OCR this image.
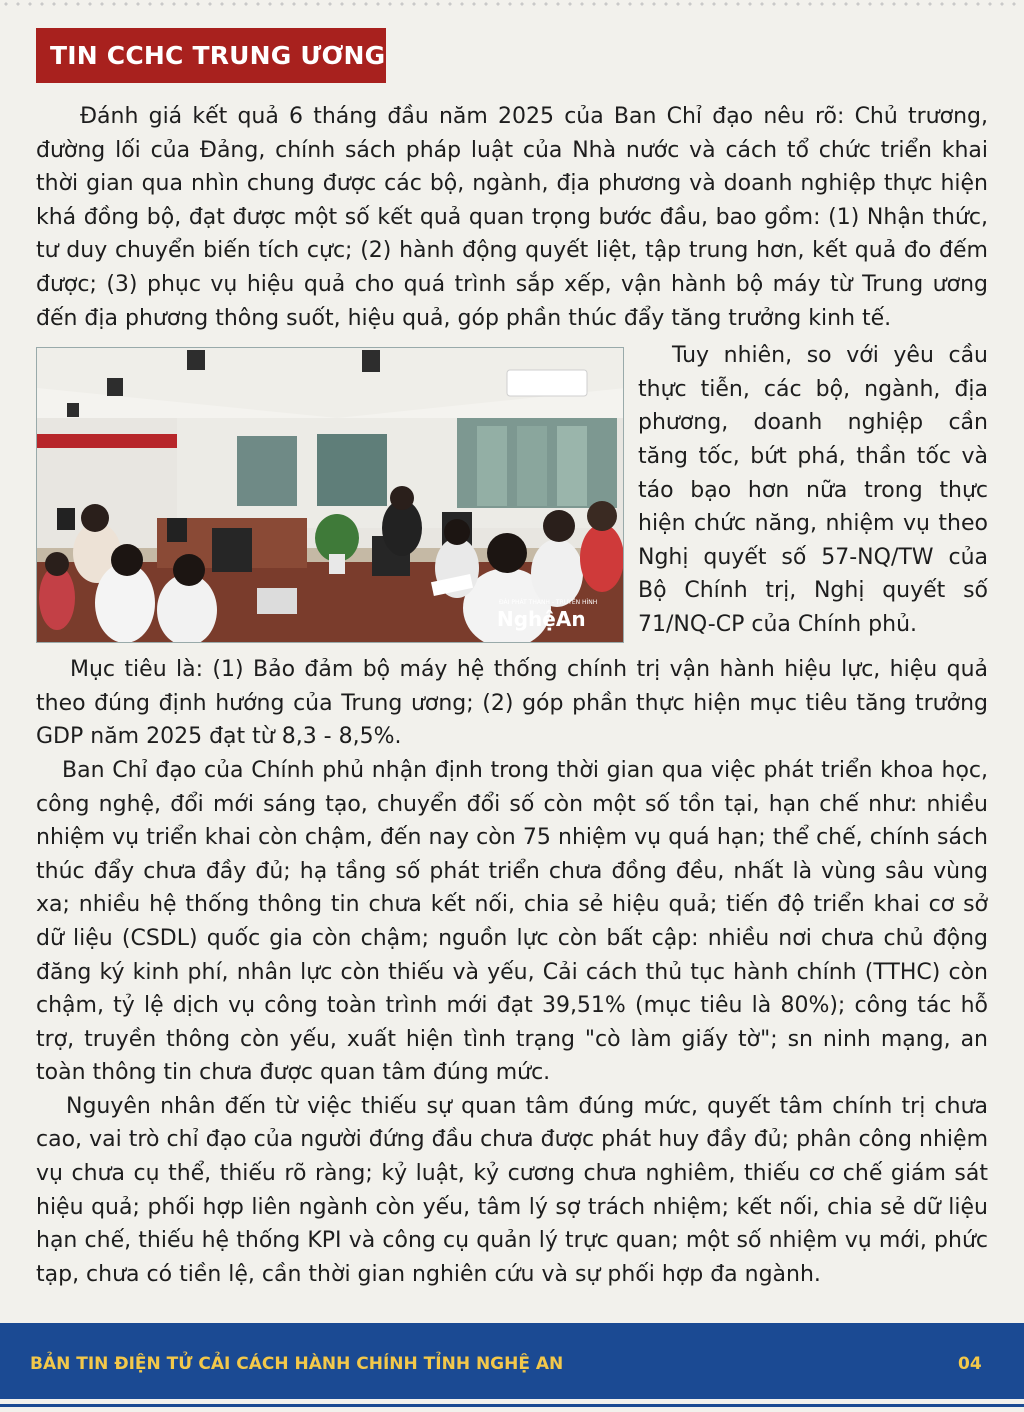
TIN CCHC TRUNG ƯƠNG

Đánh giá kết quả 6 tháng đầu năm 2025 của Ban Chỉ đạo nêu rõ: Chủ trương, đường lối của Đảng, chính sách pháp luật của Nhà nước và cách tổ chức triển khai thời gian qua nhìn chung được các bộ, ngành, địa phương và doanh nghiệp thực hiện khá đồng bộ, đạt được một số kết quả quan trọng bước đầu, bao gồm: (1) Nhận thức, tư duy chuyển biến tích cực; (2) hành động quyết liệt, tập trung hơn, kết quả đo đếm được; (3) phục vụ hiệu quả cho quá trình sắp xếp, vận hành bộ máy từ Trung ương đến địa phương thông suốt, hiệu quả, góp phần thúc đẩy tăng trưởng kinh tế.

ĐÀI PHÁT THANH - TRUYỀN HÌNH
NghệAn

Tuy nhiên, so với yêu cầu thực tiễn, các bộ, ngành, địa phương, doanh nghiệp cần tăng tốc, bứt phá, thần tốc và táo bạo hơn nữa trong thực hiện chức năng, nhiệm vụ theo Nghị quyết số 57-NQ/TW của Bộ Chính trị, Nghị quyết số 71/NQ-CP của Chính phủ.

Mục tiêu là: (1) Bảo đảm bộ máy hệ thống chính trị vận hành hiệu lực, hiệu quả theo đúng định hướng của Trung ương; (2) góp phần thực hiện mục tiêu tăng trưởng GDP năm 2025 đạt từ 8,3 - 8,5%.

Ban Chỉ đạo của Chính phủ nhận định trong thời gian qua việc phát triển khoa học, công nghệ, đổi mới sáng tạo, chuyển đổi số còn một số tồn tại, hạn chế như: nhiều nhiệm vụ triển khai còn chậm, đến nay còn 75 nhiệm vụ quá hạn; thể chế, chính sách thúc đẩy chưa đầy đủ; hạ tầng số phát triển chưa đồng đều, nhất là vùng sâu vùng xa; nhiều hệ thống thông tin chưa kết nối, chia sẻ hiệu quả; tiến độ triển khai cơ sở dữ liệu (CSDL) quốc gia còn chậm; nguồn lực còn bất cập: nhiều nơi chưa chủ động đăng ký kinh phí, nhân lực còn thiếu và yếu, Cải cách thủ tục hành chính (TTHC) còn chậm, tỷ lệ dịch vụ công toàn trình mới đạt 39,51% (mục tiêu là 80%); công tác hỗ trợ, truyền thông còn yếu, xuất hiện tình trạng "cò làm giấy tờ"; sn ninh mạng, an toàn thông tin chưa được quan tâm đúng mức.

Nguyên nhân đến từ việc thiếu sự quan tâm đúng mức, quyết tâm chính trị chưa cao, vai trò chỉ đạo của người đứng đầu chưa được phát huy đầy đủ; phân công nhiệm vụ chưa cụ thể, thiếu rõ ràng; kỷ luật, kỷ cương chưa nghiêm, thiếu cơ chế giám sát hiệu quả; phối hợp liên ngành còn yếu, tâm lý sợ trách nhiệm; kết nối, chia sẻ dữ liệu hạn chế, thiếu hệ thống KPI và công cụ quản lý trực quan; một số nhiệm vụ mới, phức tạp, chưa có tiền lệ, cần thời gian nghiên cứu và sự phối hợp đa ngành.

BẢN TIN ĐIỆN TỬ CẢI CÁCH HÀNH CHÍNH TỈNH NGHỆ AN	04
